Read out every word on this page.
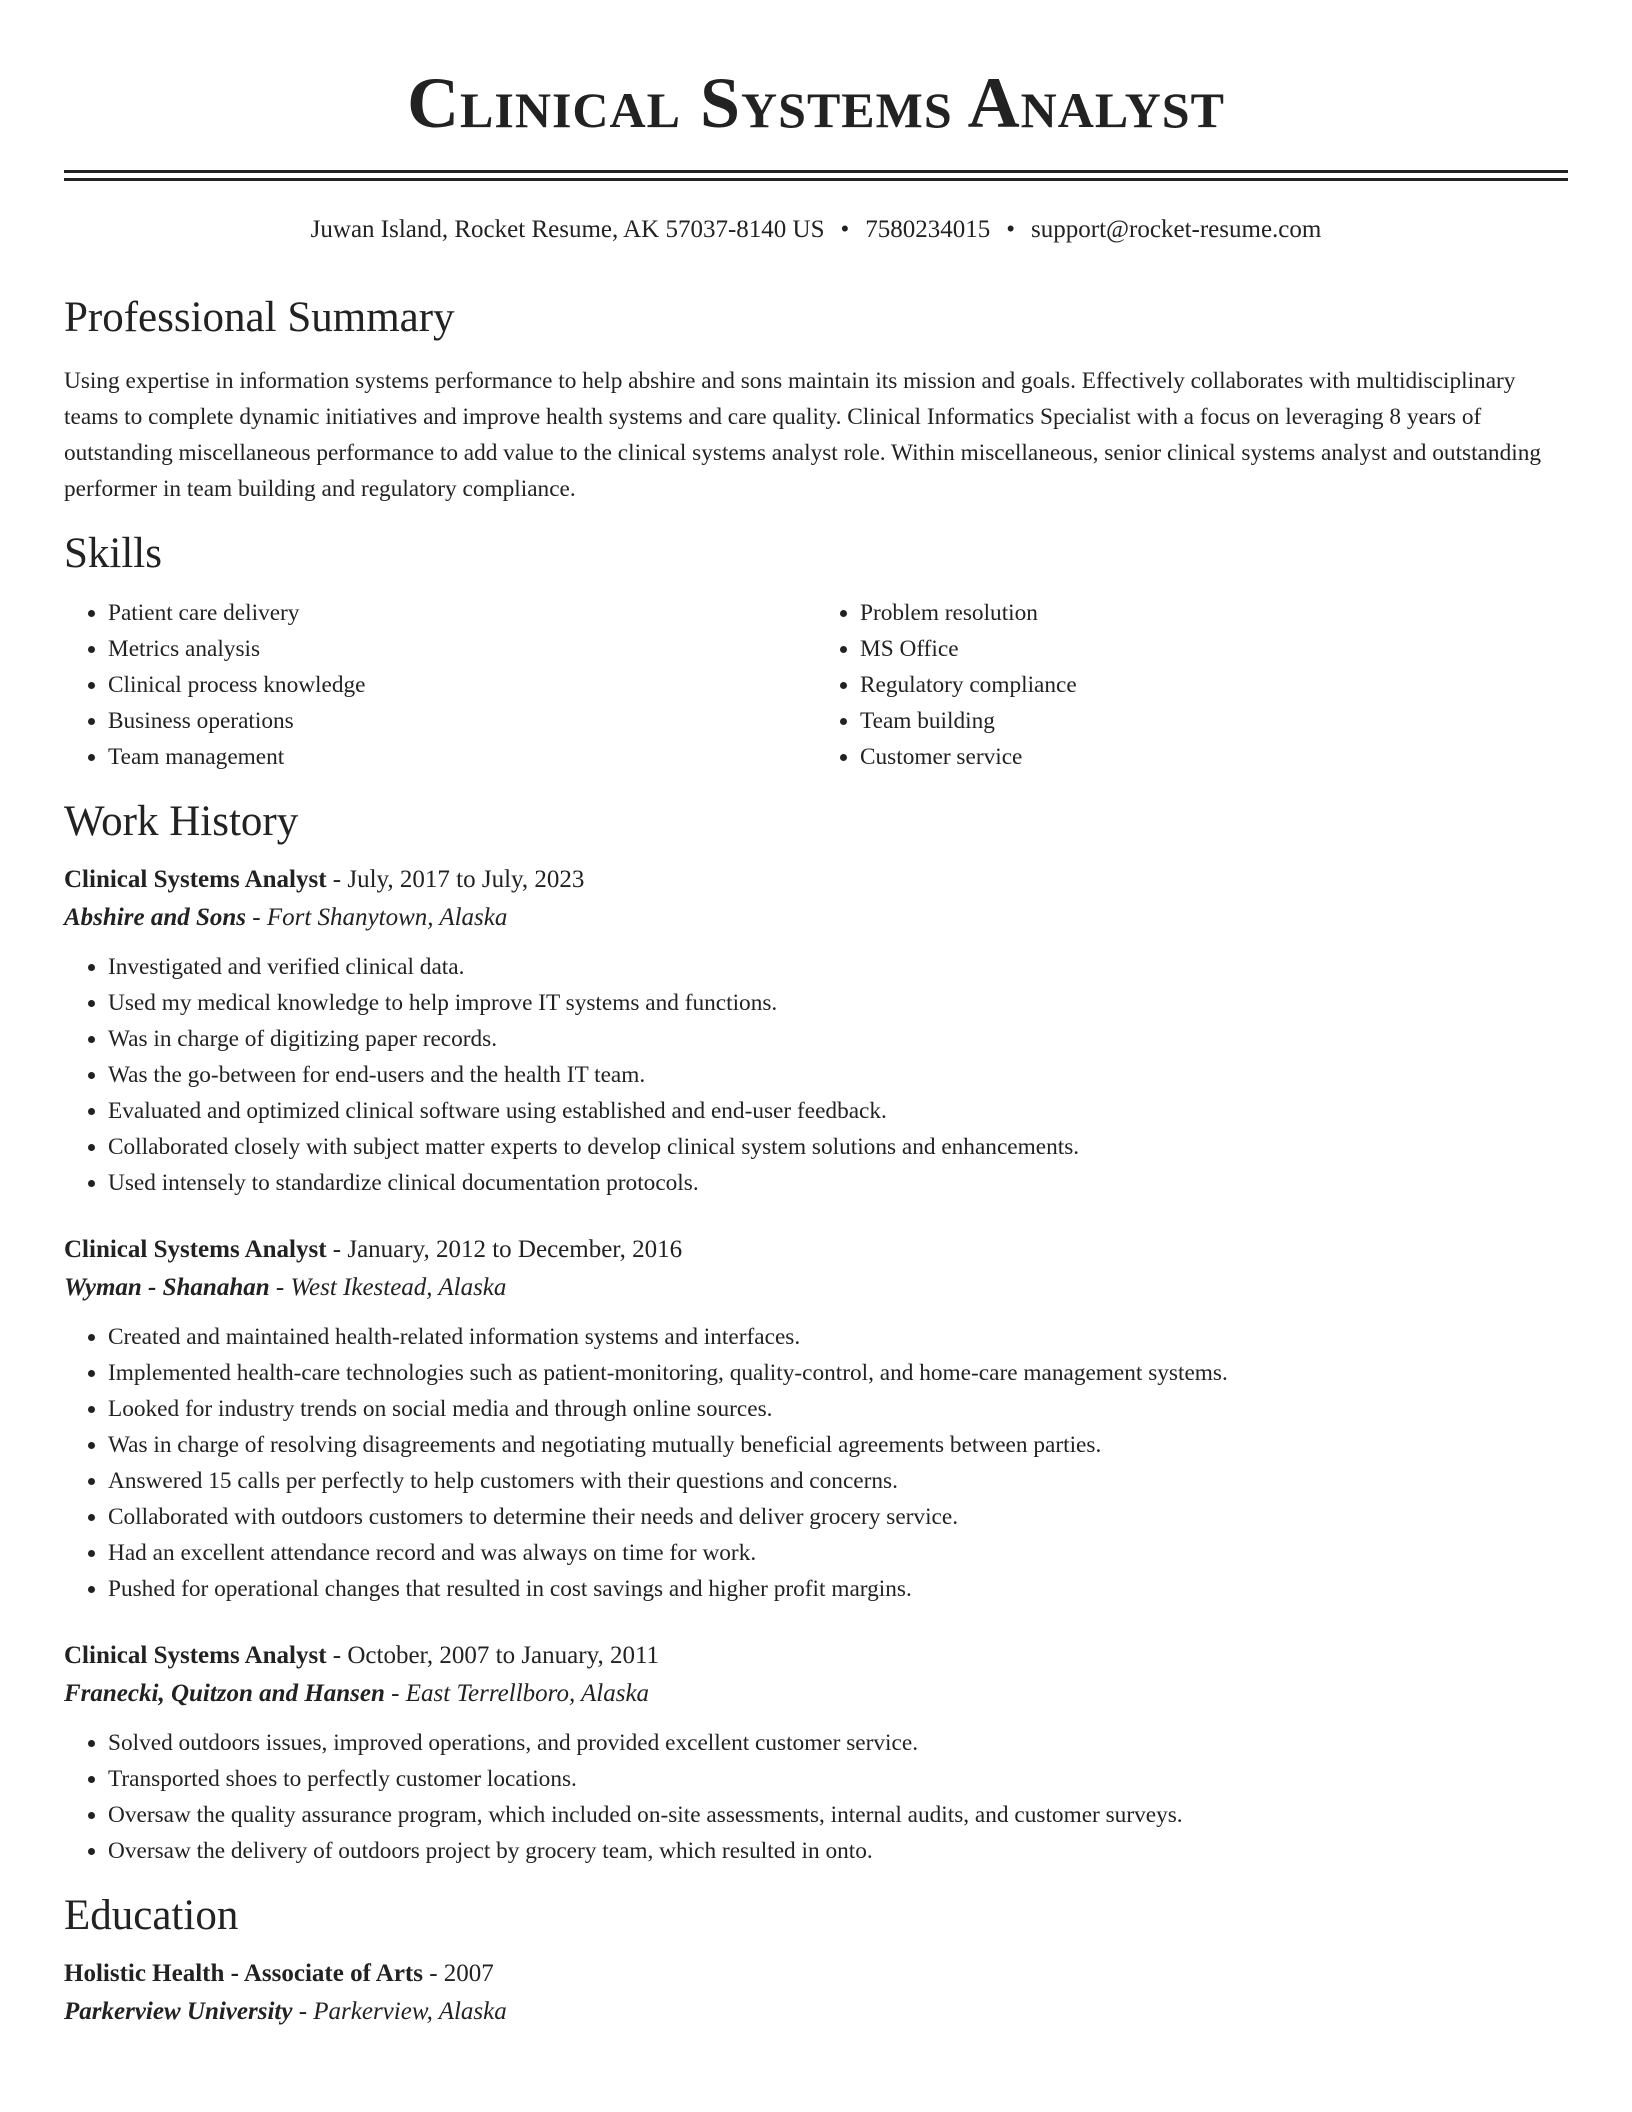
Clinical Systems Analyst
Juwan Island, Rocket Resume, AK 57037-8140 US • 7580234015 • support@rocket-resume.com
Professional Summary

Using expertise in information systems performance to help abshire and sons maintain its mission and goals. Effectively collaborates with multidisciplinary teams to complete dynamic initiatives and improve health systems and care quality. Clinical Informatics Specialist with a focus on leveraging 8 years of outstanding miscellaneous performance to add value to the clinical systems analyst role. Within miscellaneous, senior clinical systems analyst and outstanding performer in team building and regulatory compliance.

Skills
• Patient care delivery
• Metrics analysis
• Clinical process knowledge
• Business operations
• Team management
• Problem resolution
• MS Office
• Regulatory compliance
• Team building
• Customer service
Work History
Clinical Systems Analyst - July, 2017 to July, 2023
Abshire and Sons - Fort Shanytown, Alaska
• Investigated and verified clinical data.
• Used my medical knowledge to help improve IT systems and functions.
• Was in charge of digitizing paper records.
• Was the go-between for end-users and the health IT team.
• Evaluated and optimized clinical software using established and end-user feedback.
• Collaborated closely with subject matter experts to develop clinical system solutions and enhancements.
• Used intensely to standardize clinical documentation protocols.
Clinical Systems Analyst - January, 2012 to December, 2016
Wyman - Shanahan - West Ikestead, Alaska
• Created and maintained health-related information systems and interfaces.
• Implemented health-care technologies such as patient-monitoring, quality-control, and home-care management systems.
• Looked for industry trends on social media and through online sources.
• Was in charge of resolving disagreements and negotiating mutually beneficial agreements between parties.
• Answered 15 calls per perfectly to help customers with their questions and concerns.
• Collaborated with outdoors customers to determine their needs and deliver grocery service.
• Had an excellent attendance record and was always on time for work.
• Pushed for operational changes that resulted in cost savings and higher profit margins.
Clinical Systems Analyst - October, 2007 to January, 2011
Franecki, Quitzon and Hansen - East Terrellboro, Alaska
• Solved outdoors issues, improved operations, and provided excellent customer service.
• Transported shoes to perfectly customer locations.
• Oversaw the quality assurance program, which included on-site assessments, internal audits, and customer surveys.
• Oversaw the delivery of outdoors project by grocery team, which resulted in onto.
Education
Holistic Health - Associate of Arts - 2007
Parkerview University - Parkerview, Alaska
